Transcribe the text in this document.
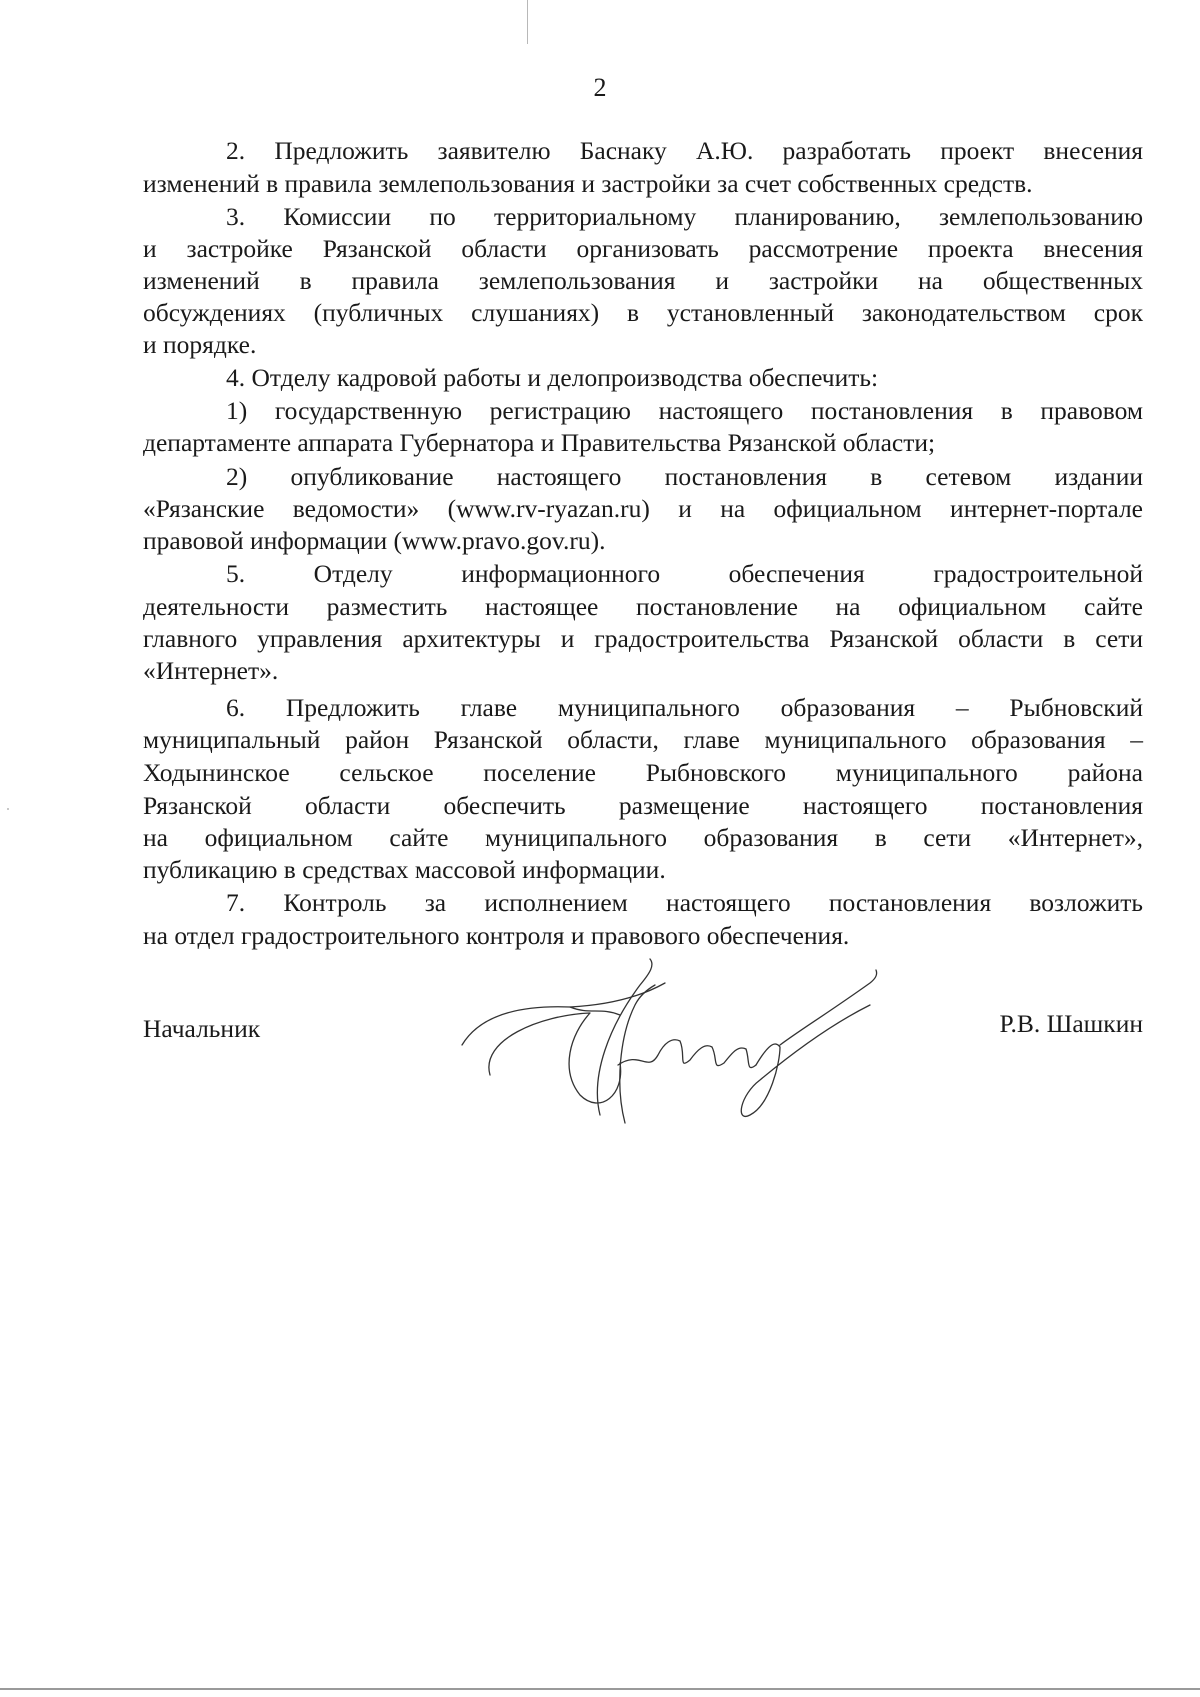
2
2. Предложить заявителю Баснаку А.Ю. разработать проект внесения
изменений в правила землепользования и застройки за счет собственных средств.
3. Комиссии по территориальному планированию, землепользованию
и застройке Рязанской области организовать рассмотрение проекта внесения
изменений в правила землепользования и застройки на общественных
обсуждениях (публичных слушаниях) в установленный законодательством срок
и порядке.
4. Отделу кадровой работы и делопроизводства обеспечить:
1) государственную регистрацию настоящего постановления в правовом
департаменте аппарата Губернатора и Правительства Рязанской области;
2) опубликование настоящего постановления в сетевом издании
«Рязанские ведомости» (www.rv-ryazan.ru) и на официальном интернет-портале
правовой информации (www.pravo.gov.ru).
5. Отделу информационного обеспечения градостроительной
деятельности разместить настоящее постановление на официальном сайте
главного управления архитектуры и градостроительства Рязанской области в сети
«Интернет».
6. Предложить главе муниципального образования – Рыбновский
муниципальный район Рязанской области, главе муниципального образования –
Ходынинское сельское поселение Рыбновского муниципального района
Рязанской области обеспечить размещение настоящего постановления
на официальном сайте муниципального образования в сети «Интернет»,
публикацию в средствах массовой информации.
7. Контроль за исполнением настоящего постановления возложить
на отдел градостроительного контроля и правового обеспечения.
Начальник	Р.В. Шашкин
